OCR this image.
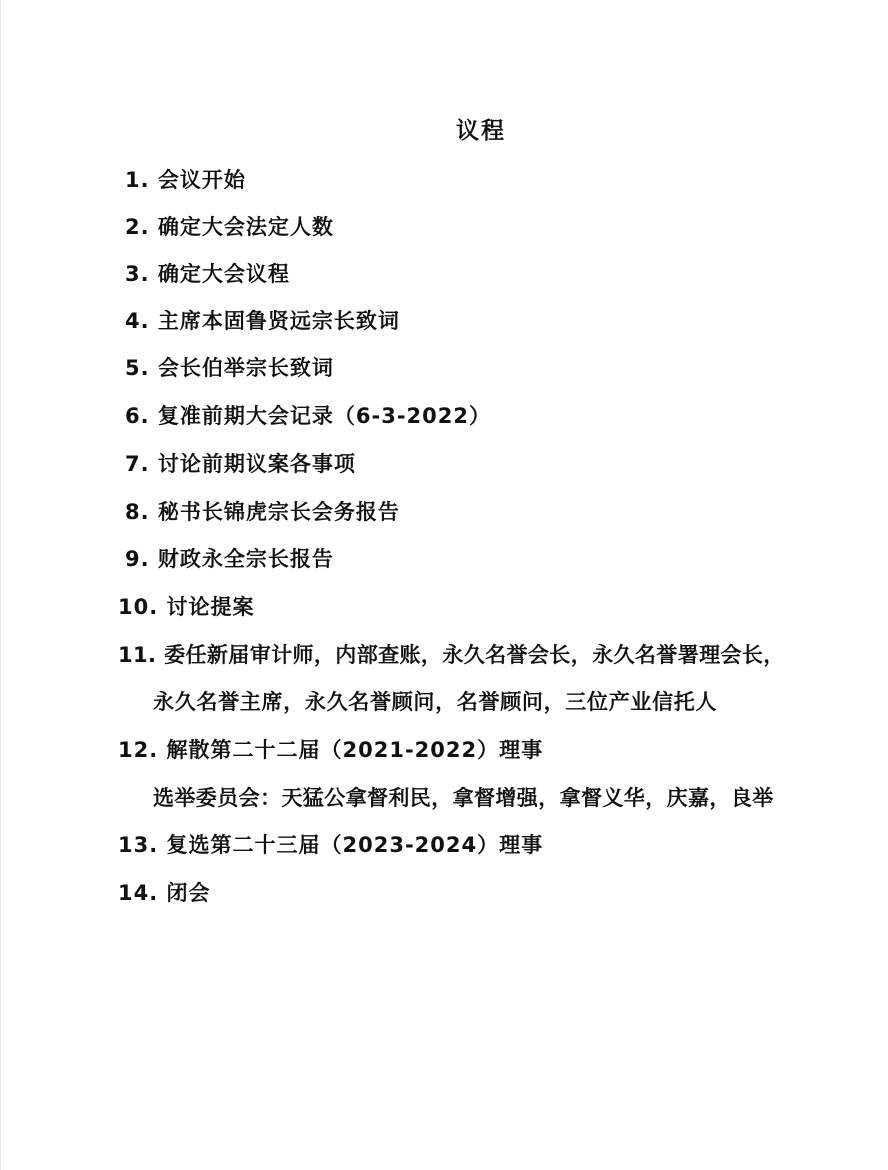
议程
1. 会议开始
2. 确定大会法定人数
3. 确定大会议程
4. 主席本固鲁贤远宗长致词
5. 会长伯举宗长致词
6. 复准前期大会记录（6-3-2022）
7. 讨论前期议案各事项
8. 秘书长锦虎宗长会务报告
9. 财政永全宗长报告
10. 讨论提案
11. 委任新届审计师，内部查账，永久名誉会长，永久名誉署理会长，
永久名誉主席，永久名誉顾问，名誉顾问，三位产业信托人
12. 解散第二十二届（2021-2022）理事
选举委员会：天猛公拿督利民，拿督增强，拿督义华，庆嘉，良举
13. 复选第二十三届（2023-2024）理事
14. 闭会
